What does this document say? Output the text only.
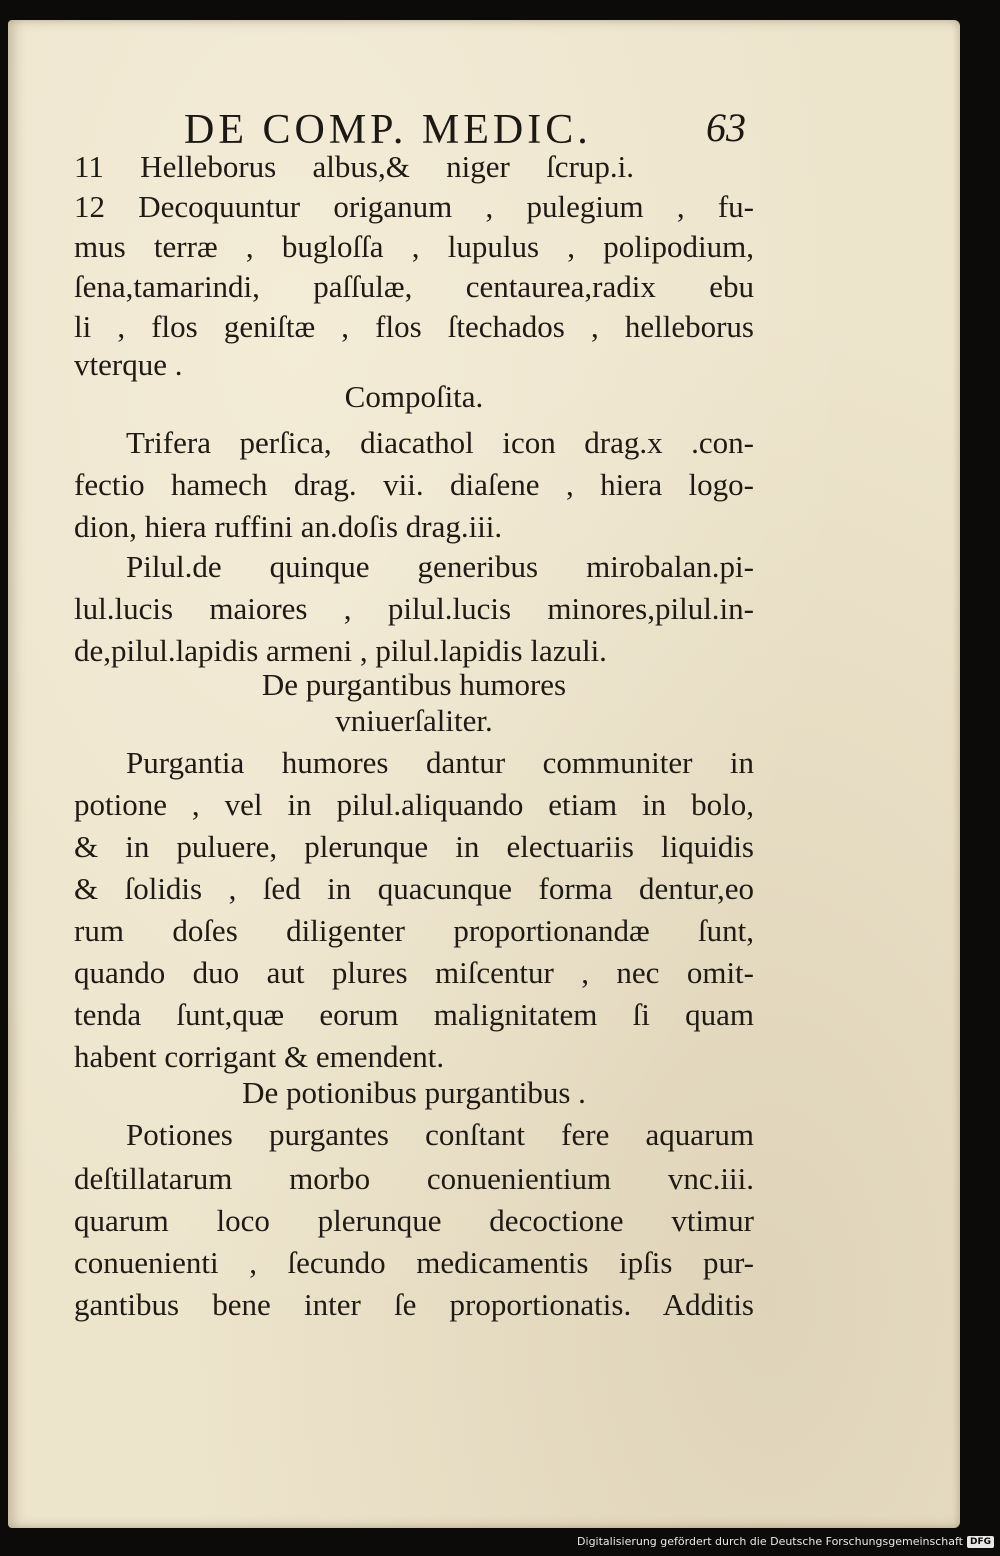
DE COMP. MEDIC.	63
11 Helleborus albus,& niger ſcrup.i.
12 Decoquuntur origanum , pulegium , fu-
mus terræ , bugloſſa , lupulus , polipodium,
ſena,tamarindi, paſſulæ, centaurea,radix ebu
li , flos geniſtæ , flos ſtechados , helleborus
vterque .
Compoſita.
Trifera perſica, diacathol icon drag.x .con-
fectio hamech drag. vii. diaſene , hiera logo-
dion, hiera ruffini an.doſis drag.iii.
Pilul.de quinque generibus mirobalan.pi-
lul.lucis maiores , pilul.lucis minores,pilul.in-
de,pilul.lapidis armeni , pilul.lapidis lazuli.
De purgantibus humores
vniuerſaliter.
Purgantia humores dantur communiter in
potione , vel in pilul.aliquando etiam in bolo,
& in puluere, plerunque in electuariis liquidis
& ſolidis , ſed in quacunque forma dentur,eo
rum doſes diligenter proportionandæ ſunt,
quando duo aut plures miſcentur , nec omit-
tenda ſunt,quæ eorum malignitatem ſi quam
habent corrigant & emendent.
De potionibus purgantibus .
Potiones purgantes conſtant fere aquarum
deſtillatarum morbo conuenientium vnc.iii.
quarum loco plerunque decoctione vtimur
conuenienti , ſecundo medicamentis ipſis pur-
gantibus bene inter ſe proportionatis. Additis
Digitalisierung gefördert durch die Deutsche Forschungsgemeinschaft DFG
